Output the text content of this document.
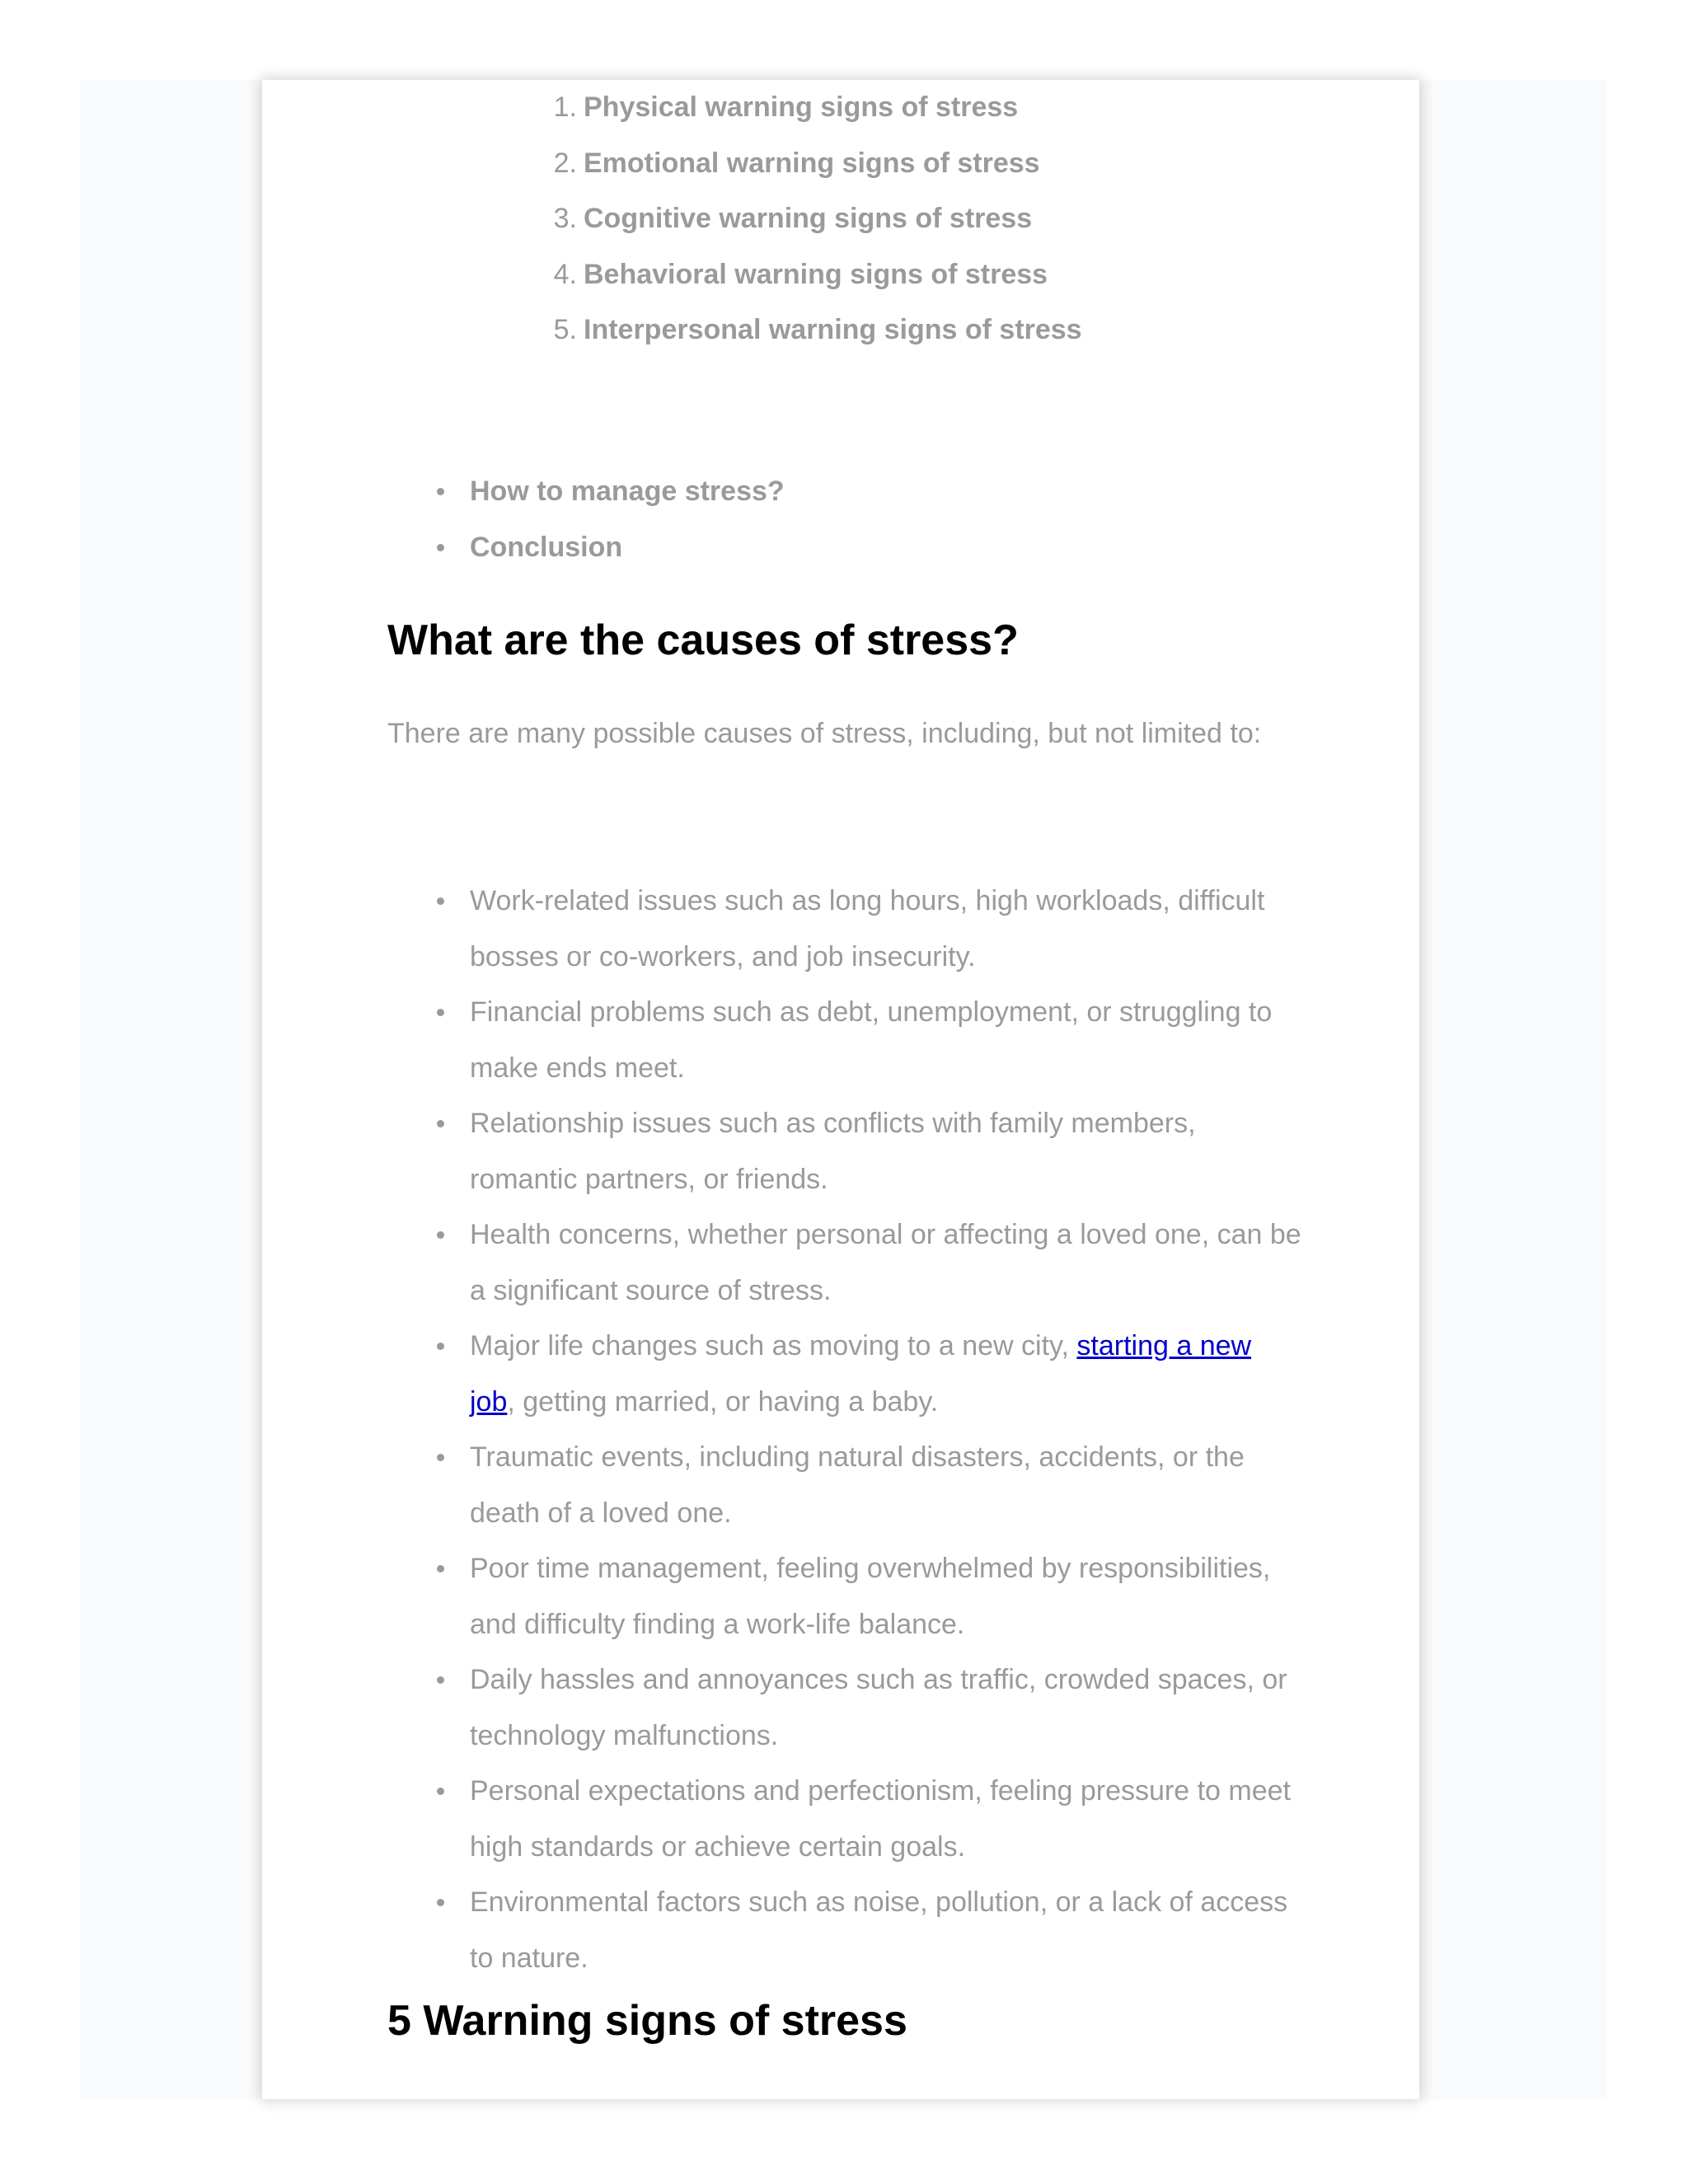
1. Physical warning signs of stress
2. Emotional warning signs of stress
3. Cognitive warning signs of stress
4. Behavioral warning signs of stress
5. Interpersonal warning signs of stress
How to manage stress?
Conclusion
What are the causes of stress?

There are many possible causes of stress, including, but not limited to:

Work-related issues such as long hours, high workloads, difficult bosses or co-workers, and job insecurity.
Financial problems such as debt, unemployment, or struggling to make ends meet.
Relationship issues such as conflicts with family members, romantic partners, or friends.
Health concerns, whether personal or affecting a loved one, can be a significant source of stress.
Major life changes such as moving to a new city, starting a new job, getting married, or having a baby.
Traumatic events, including natural disasters, accidents, or the death of a loved one.
Poor time management, feeling overwhelmed by responsibilities, and difficulty finding a work-life balance.
Daily hassles and annoyances such as traffic, crowded spaces, or technology malfunctions.
Personal expectations and perfectionism, feeling pressure to meet high standards or achieve certain goals.
Environmental factors such as noise, pollution, or a lack of access to nature.
5 Warning signs of stress
